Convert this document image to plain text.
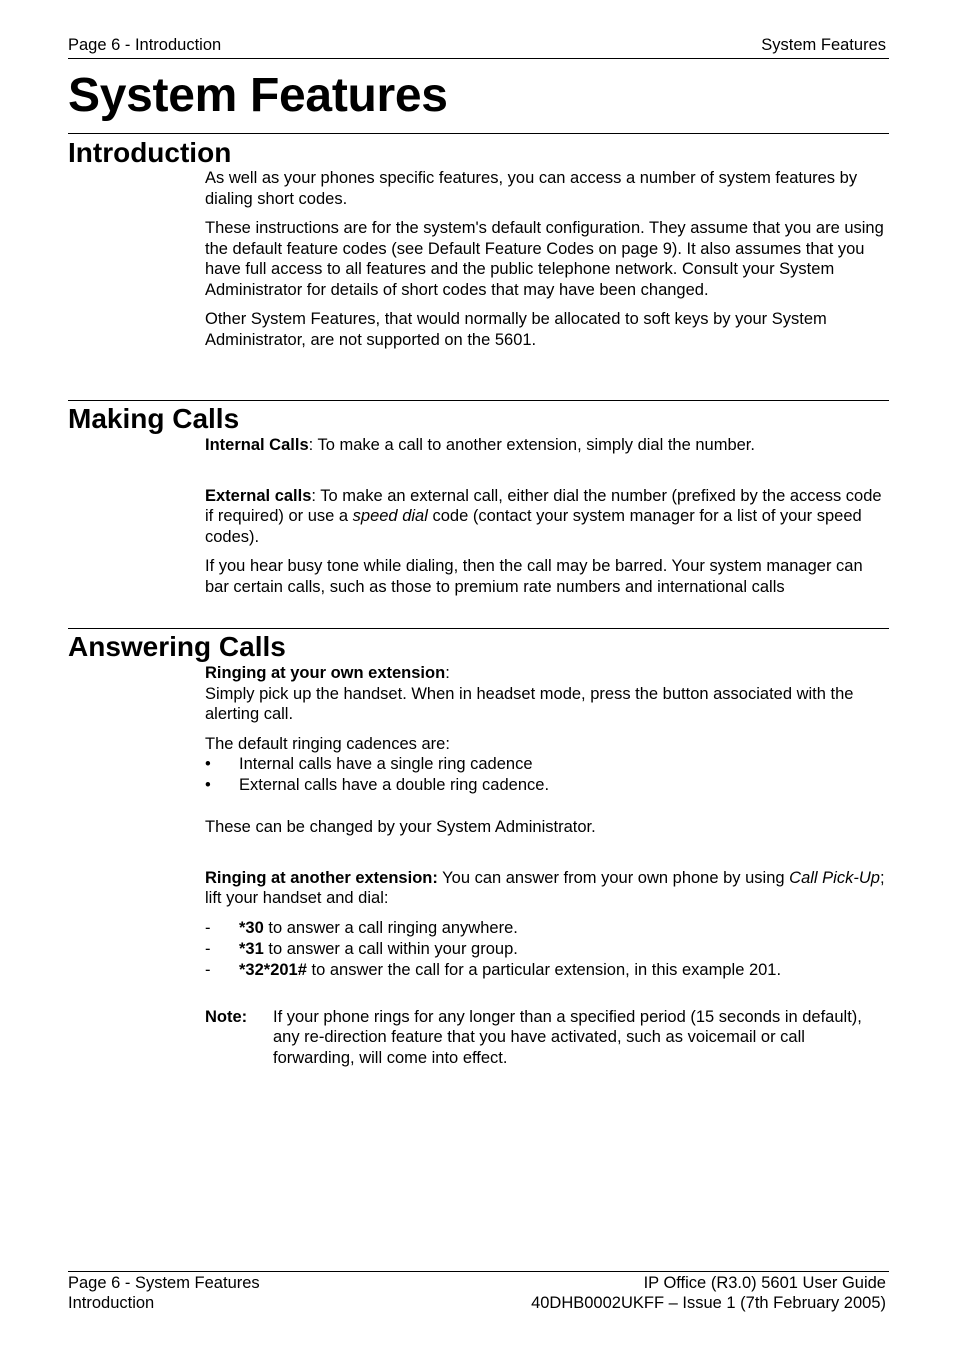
Page 6 - Introduction	System Features
System Features
Introduction

As well as your phones specific features, you can access a number of system features by dialing short codes.

These instructions are for the system's default configuration. They assume that you are using the default feature codes (see Default Feature Codes on page 9). It also assumes that you have full access to all features and the public telephone network. Consult your System Administrator for details of short codes that may have been changed.

Other System Features, that would normally be allocated to soft keys by your System Administrator, are not supported on the 5601.

Making Calls

Internal Calls: To make a call to another extension, simply dial the number.

External calls: To make an external call, either dial the number (prefixed by the access code if required) or use a speed dial code (contact your system manager for a list of your speed codes).

If you hear busy tone while dialing, then the call may be barred. Your system manager can bar certain calls, such as those to premium rate numbers and international calls

Answering Calls
Ringing at your own extension:

Simply pick up the handset. When in headset mode, press the button associated with the alerting call.

The default ringing cadences are:
• Internal calls have a single ring cadence
• External calls have a double ring cadence.

These can be changed by your System Administrator.

Ringing at another extension: You can answer from your own phone by using Call Pick-Up; lift your handset and dial:

- *30 to answer a call ringing anywhere.
- *31 to answer a call within your group.
- *32*201# to answer the call for a particular extension, in this example 201.
Note: If your phone rings for any longer than a specified period (15 seconds in default), any re-direction feature that you have activated, such as voicemail or call forwarding, will come into effect.
Page 6 - System Features
Introduction
IP Office (R3.0) 5601 User Guide
40DHB0002UKFF – Issue 1 (7th February 2005)
